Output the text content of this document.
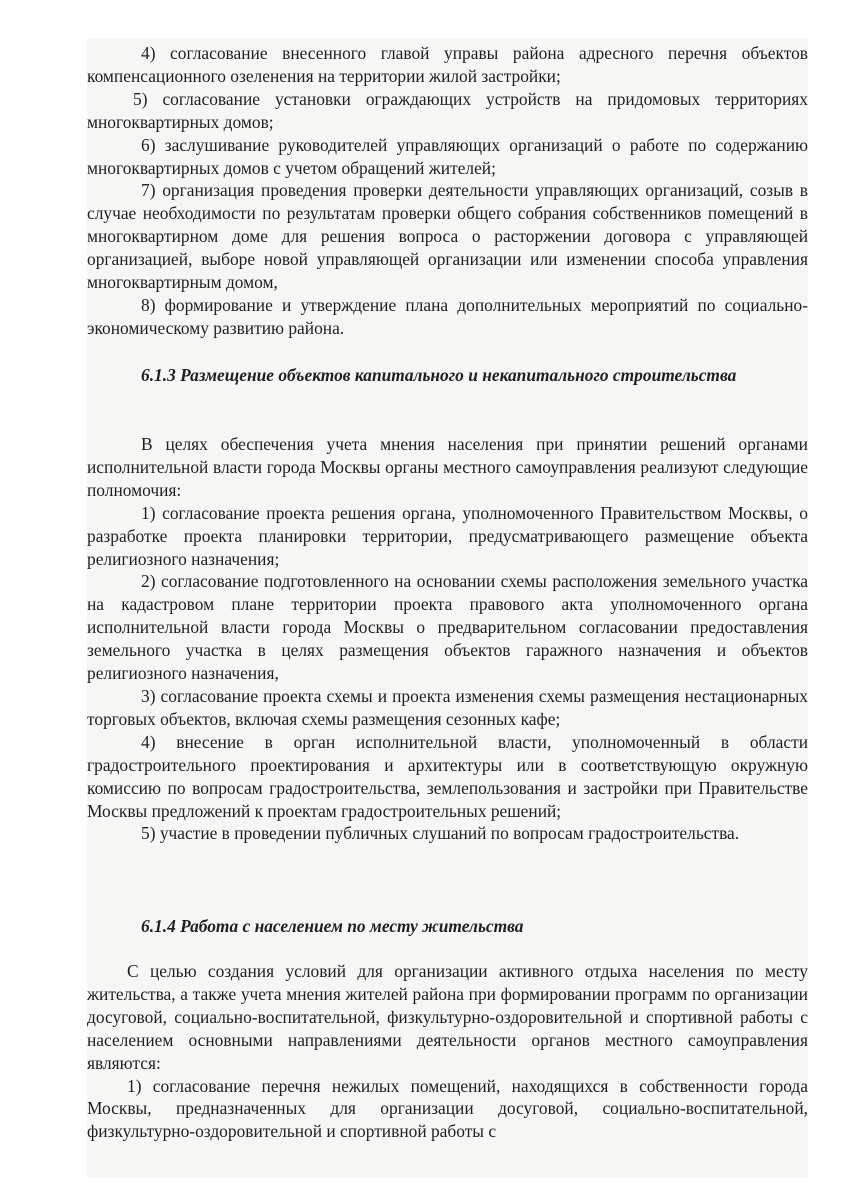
4) согласование внесенного главой управы района адресного перечня объектов компенсационного озеленения на территории жилой застройки;

5) согласование установки ограждающих устройств на придомовых территориях многоквартирных домов;

6) заслушивание руководителей управляющих организаций о работе по содержанию многоквартирных домов с учетом обращений жителей;

7) организация проведения проверки деятельности управляющих организаций, созыв в случае необходимости по результатам проверки общего собрания собственников помещений в многоквартирном доме для решения вопроса о расторжении договора с управляющей организацией, выборе новой управляющей организации или изменении способа управления многоквартирным домом,

8) формирование и утверждение плана дополнительных мероприятий по социально-экономическому развитию района.

6.1.3 Размещение объектов капитального и некапитального строительства

В целях обеспечения учета мнения населения при принятии решений органами исполнительной власти города Москвы органы местного самоуправления реализуют следующие полномочия:

1) согласование проекта решения органа, уполномоченного Правительством Москвы, о разработке проекта планировки территории, предусматривающего размещение объекта религиозного назначения;

2) согласование подготовленного на основании схемы расположения земельного участка на кадастровом плане территории проекта правового акта уполномоченного органа исполнительной власти города Москвы о предварительном согласовании предоставления земельного участка в целях размещения объектов гаражного назначения и объектов религиозного назначения,

3) согласование проекта схемы и проекта изменения схемы размещения нестационарных торговых объектов, включая схемы размещения сезонных кафе;

4) внесение в орган исполнительной власти, уполномоченный в области градостроительного проектирования и архитектуры или в соответствующую окружную комиссию по вопросам градостроительства, землепользования и застройки при Правительстве Москвы предложений к проектам градостроительных решений;

5) участие в проведении публичных слушаний по вопросам градостроительства.

6.1.4 Работа с населением по месту жительства

С целью создания условий для организации активного отдыха населения по месту жительства, а также учета мнения жителей района при формировании программ по организации досуговой, социально-воспитательной, физкультурно-оздоровительной и спортивной работы с населением основными направлениями деятельности органов местного самоуправления являются:

1) согласование перечня нежилых помещений, находящихся в собственности города Москвы, предназначенных для организации досуговой, социально-воспитательной, физкультурно-оздоровительной и спортивной работы с
